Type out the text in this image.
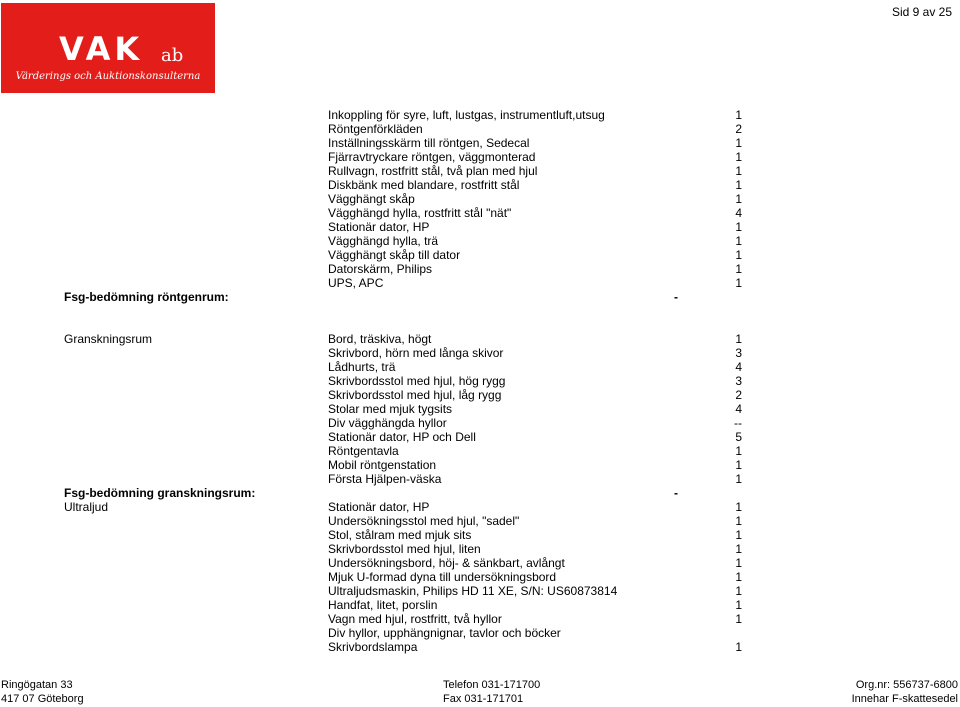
VAK ab
Värderings och Auktionskonsulterna
Sid 9 av 25
Inkoppling för syre, luft, lustgas, instrumentluft,utsug	1
Röntgenförkläden	2
Inställningsskärm till röntgen, Sedecal	1
Fjärravtryckare röntgen, väggmonterad	1
Rullvagn, rostfritt stål, två plan med hjul	1
Diskbänk med blandare, rostfritt stål	1
Vägghängt skåp	1
Vägghängd hylla, rostfritt stål "nät"	4
Stationär dator, HP	1
Vägghängd hylla, trä	1
Vägghängt skåp till dator	1
Datorskärm, Philips	1
UPS, APC	1
Fsg-bedömning röntgenrum:	-
Granskningsrum	Bord, träskiva, högt	1
Skrivbord, hörn med långa skivor	3
Lådhurts, trä	4
Skrivbordsstol med hjul, hög rygg	3
Skrivbordsstol med hjul, låg rygg	2
Stolar med mjuk tygsits	4
Div vägghängda hyllor	--
Stationär dator, HP och Dell	5
Röntgentavla	1
Mobil röntgenstation	1
Första Hjälpen-väska	1
Fsg-bedömning granskningsrum:	-
Ultraljud	Stationär dator, HP	1
Undersökningsstol med hjul, "sadel"	1
Stol, stålram med mjuk sits	1
Skrivbordsstol med hjul, liten	1
Undersökningsbord, höj- & sänkbart, avlångt	1
Mjuk U-formad dyna till undersökningsbord	1
Ultraljudsmaskin, Philips HD 11 XE, S/N: US60873814	1
Handfat, litet, porslin	1
Vagn med hjul, rostfritt, två hyllor	1
Div hyllor, upphängnignar, tavlor och böcker
Skrivbordslampa	1
Ringögatan 33
417 07 Göteborg
Telefon 031-171700
Fax 031-171701
Org.nr: 556737-6800
Innehar F-skattesedel
